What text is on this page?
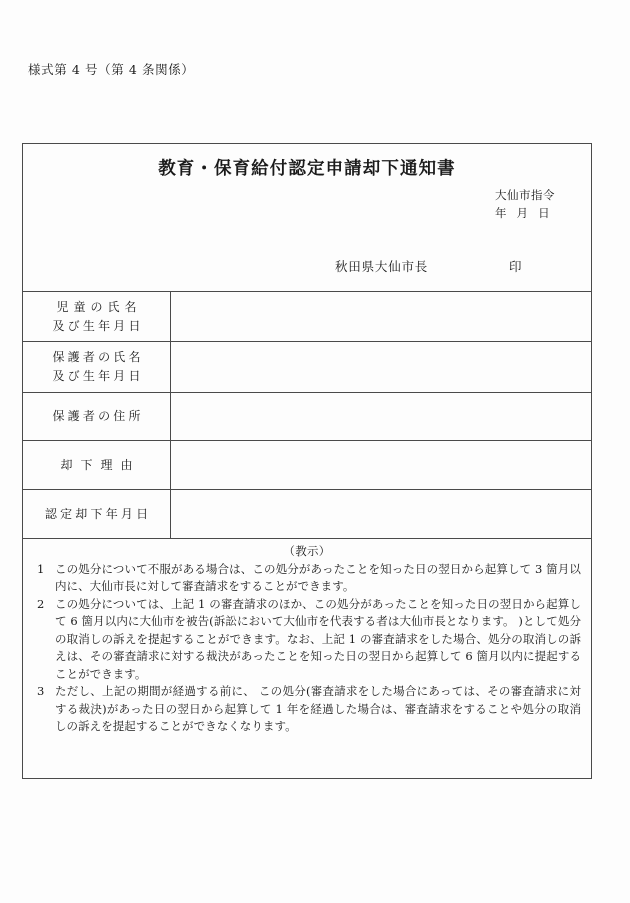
様式第 4 号（第 4 条関係）
教育・保育給付認定申請却下通知書
大仙市指令
年 月 日
秋田県大仙市長	印
児童の氏名
及び生年月日
保護者の氏名
及び生年月日
保護者の住所
却下理由
認定却下年月日
（教示）
1 この処分について不服がある場合は、この処分があったことを知った日の翌日から起算して 3 箇月以内に、大仙市長に対して審査請求をすることができます。
2 この処分については、上記 1 の審査請求のほか、この処分があったことを知った日の翌日から起算して 6 箇月以内に大仙市を被告(訴訟において大仙市を代表する者は大仙市長となります。 )として処分の取消しの訴えを提起することができます。なお、上記 1 の審査請求をした場合、処分の取消しの訴えは、その審査請求に対する裁決があったことを知った日の翌日から起算して 6 箇月以内に提起することができます。
3 ただし、上記の期間が経過する前に、 この処分(審査請求をした場合にあっては、その審査請求に対する裁決)があった日の翌日から起算して 1 年を経過した場合は、審査請求をすることや処分の取消しの訴えを提起することができなくなります。
